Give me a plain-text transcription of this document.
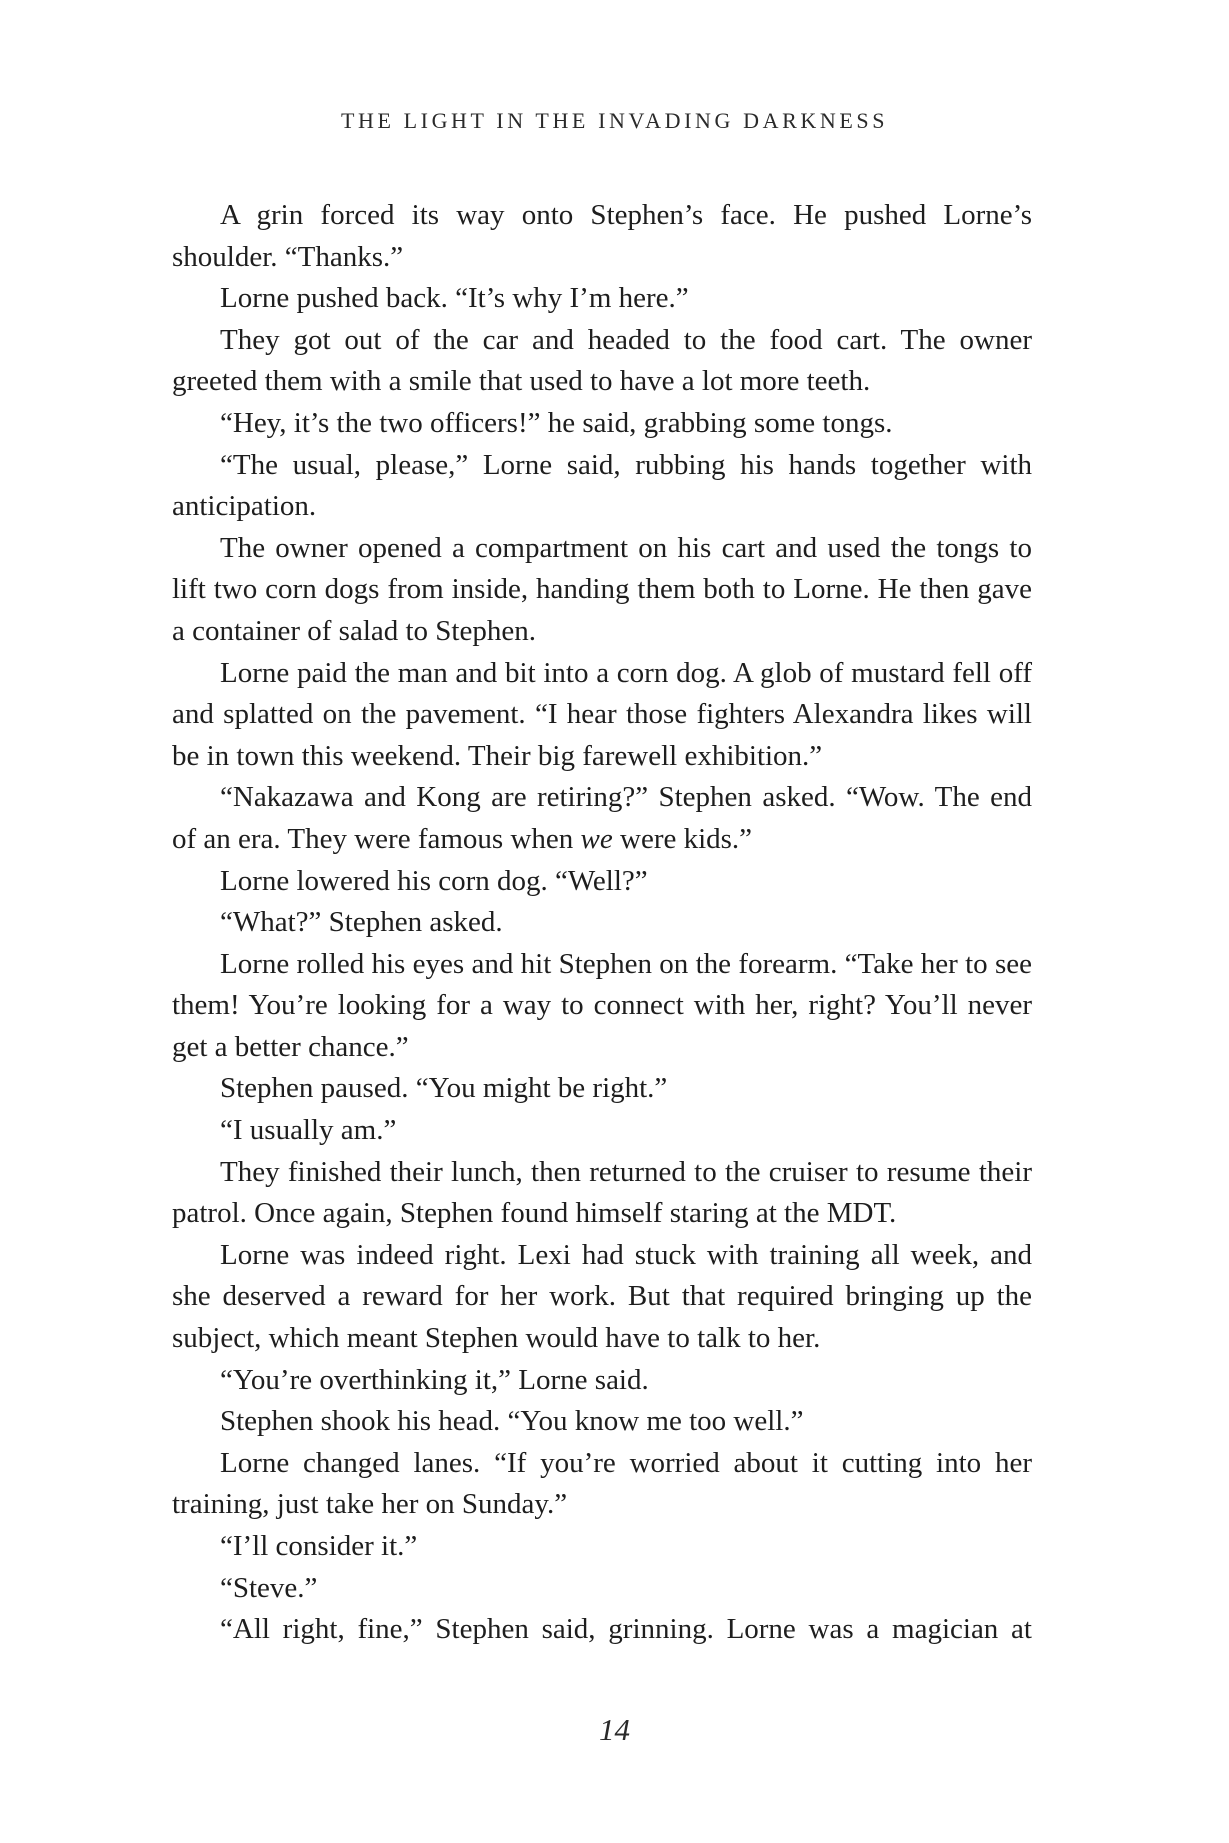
THE LIGHT IN THE INVADING DARKNESS

A grin forced its way onto Stephen’s face. He pushed Lorne’s shoulder. “Thanks.”

Lorne pushed back. “It’s why I’m here.”

They got out of the car and headed to the food cart. The owner greeted them with a smile that used to have a lot more teeth.

“Hey, it’s the two officers!” he said, grabbing some tongs.

“The usual, please,” Lorne said, rubbing his hands together with anticipation.

The owner opened a compartment on his cart and used the tongs to lift two corn dogs from inside, handing them both to Lorne. He then gave a container of salad to Stephen.

Lorne paid the man and bit into a corn dog. A glob of mustard fell off and splatted on the pavement. “I hear those fighters Alexandra likes will be in town this weekend. Their big farewell exhibition.”

“Nakazawa and Kong are retiring?” Stephen asked. “Wow. The end of an era. They were famous when we were kids.”

Lorne lowered his corn dog. “Well?”

“What?” Stephen asked.

Lorne rolled his eyes and hit Stephen on the forearm. “Take her to see them! You’re looking for a way to connect with her, right? You’ll never get a better chance.”

Stephen paused. “You might be right.”

“I usually am.”

They finished their lunch, then returned to the cruiser to resume their patrol. Once again, Stephen found himself staring at the MDT.

Lorne was indeed right. Lexi had stuck with training all week, and she deserved a reward for her work. But that required bringing up the subject, which meant Stephen would have to talk to her.

“You’re overthinking it,” Lorne said.

Stephen shook his head. “You know me too well.”

Lorne changed lanes. “If you’re worried about it cutting into her training, just take her on Sunday.”

“I’ll consider it.”

“Steve.”

“All right, fine,” Stephen said, grinning. Lorne was a magician at

14
